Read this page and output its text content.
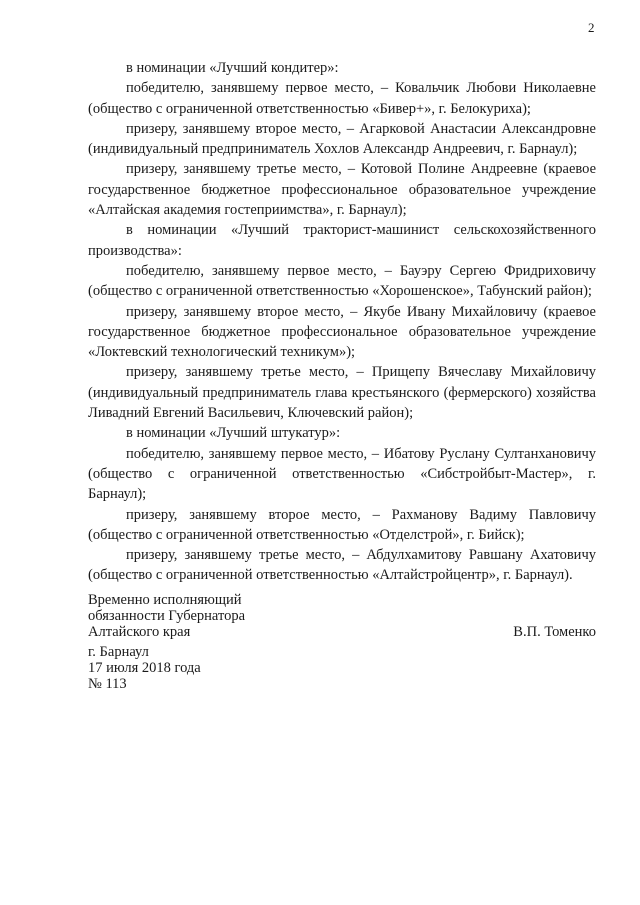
2

в номинации «Лучший кондитер»:

победителю, занявшему первое место, – Ковальчик Любови Николаевне (общество с ограниченной ответственностью «Бивер+», г. Белокуриха);

призеру, занявшему второе место, – Агарковой Анастасии Александровне (индивидуальный предприниматель Хохлов Александр Андреевич, г. Барнаул);

призеру, занявшему третье место, – Котовой Полине Андреевне (краевое государственное бюджетное профессиональное образовательное учреждение «Алтайская академия гостеприимства», г. Барнаул);

в номинации «Лучший тракторист-машинист сельскохозяйственного производства»:

победителю, занявшему первое место, – Бауэру Сергею Фридриховичу (общество с ограниченной ответственностью «Хорошенское», Табунский район);

призеру, занявшему второе место, – Якубе Ивану Михайловичу (краевое государственное бюджетное профессиональное образовательное учреждение «Локтевский технологический техникум»);

призеру, занявшему третье место, – Прищепу Вячеславу Михайловичу (индивидуальный предприниматель глава крестьянского (фермерского) хозяйства Ливадний Евгений Васильевич, Ключевский район);

в номинации «Лучший штукатур»:

победителю, занявшему первое место, – Ибатову Руслану Султанхановичу (общество с ограниченной ответственностью «Сибстройбыт-Мастер», г. Барнаул);

призеру, занявшему второе место, – Рахманову Вадиму Павловичу (общество с ограниченной ответственностью «Отделстрой», г. Бийск);

призеру, занявшему третье место, – Абдулхамитову Равшану Ахатовичу (общество с ограниченной ответственностью «Алтайстройцентр», г. Барнаул).

Временно исполняющий
обязанности Губернатора
Алтайского края	В.П. Томенко
г. Барнаул
17 июля 2018 года
№ 113
